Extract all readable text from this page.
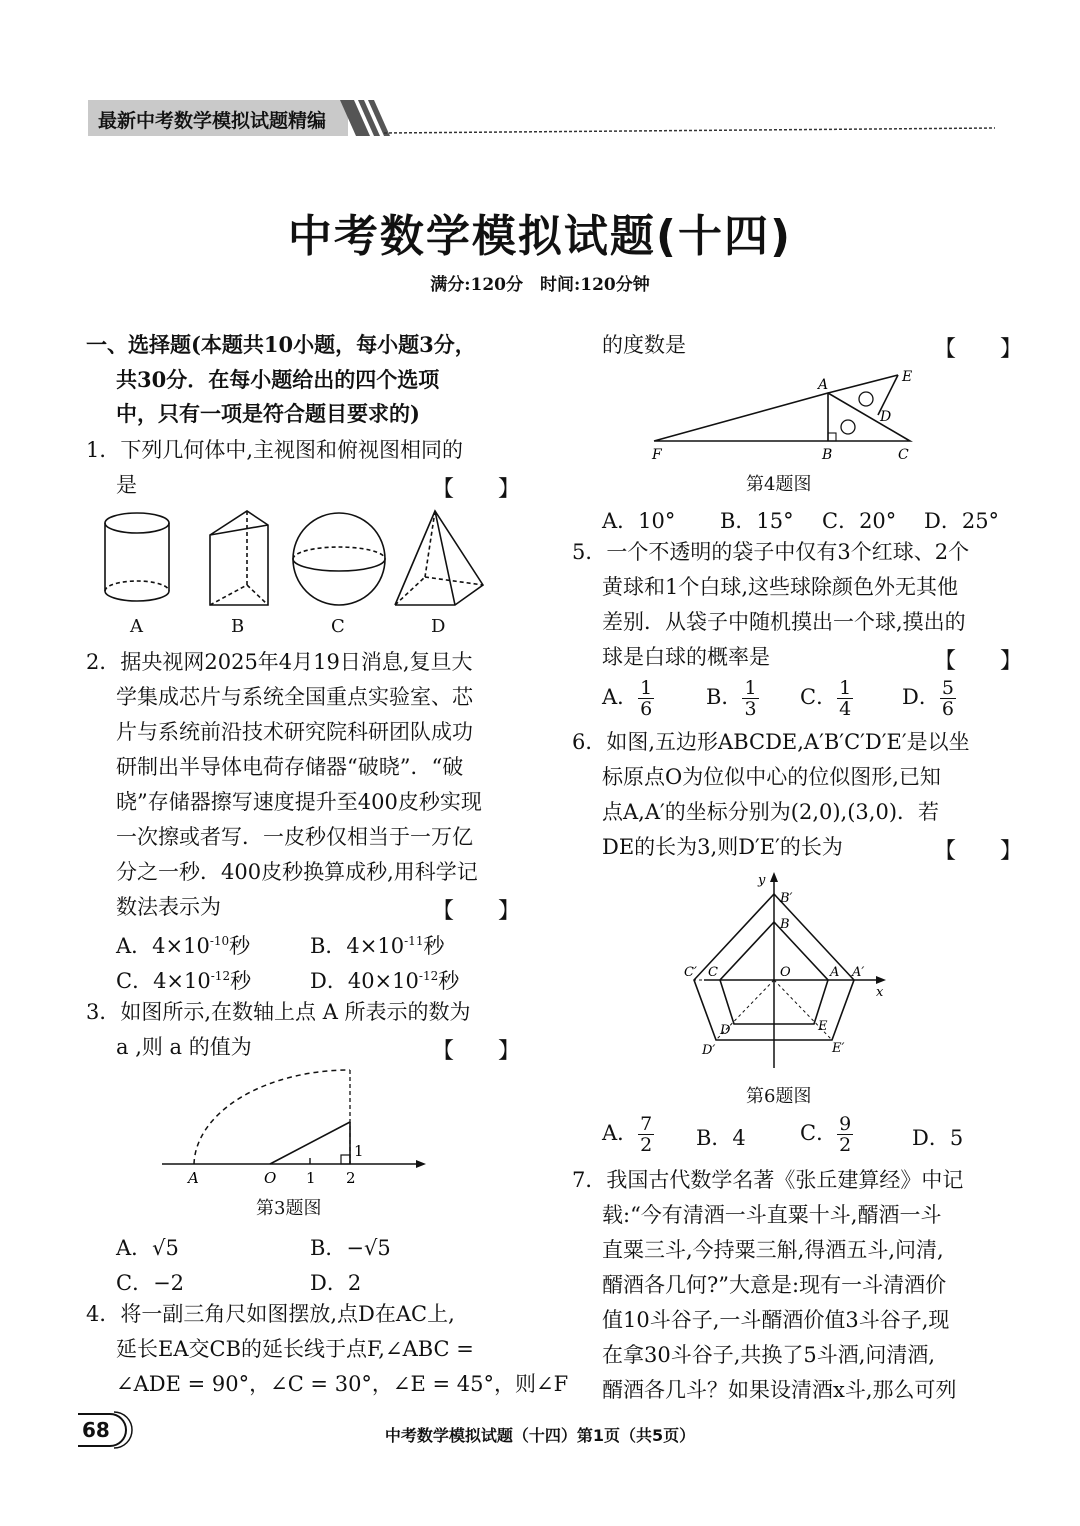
最新中考数学模拟试题精编
中考数学模拟试题(十四)
满分:120分　时间:120分钟
一、选择题(本题共10小题，每小题3分，
共30分．在每小题给出的四个选项
中，只有一项是符合题目要求的)
1．下列几何体中,主视图和俯视图相同的
是	【　　】
A	B	C	D
2．据央视网2025年4月19日消息,复旦大
学集成芯片与系统全国重点实验室、芯
片与系统前沿技术研究院科研团队成功
研制出半导体电荷存储器“破晓”．“破
晓”存储器擦写速度提升至400皮秒实现
一次擦或者写．一皮秒仅相当于一万亿
分之一秒．400皮秒换算成秒,用科学记
数法表示为	【　　】
A．$4\times 10^{-10}$秒	B．$4\times 10^{-11}$秒
C．$4\times 10^{-12}$秒	D．$40\times 10^{-12}$秒
3．如图所示,在数轴上点 A 所表示的数为
a ,则 a 的值为	【　　】
A	O 1 2
1
第3题图
A．√5	B．−√5
C．−2	D．2
4．将一副三角尺如图摆放,点D在AC上,
延长EA交CB的延长线于点F,∠ABC =
∠ADE = 90°，∠C = 30°，∠E = 45°，则∠F
的度数是	【　　】
A	E
D
B	C
F
第4题图
A．10° B．15° C．20° D．25°
5．一个不透明的袋子中仅有3个红球、2个
黄球和1个白球,这些球除颜色外无其他
差别．从袋子中随机摸出一个球,摸出的
球是白球的概率是	【　　】
A． $\frac{1}{6}$ B． $\frac{1}{3}$ C． $\frac{1}{4}$ D． $\frac{5}{6}$
6．如图,五边形ABCDE,A′B′C′D′E′是以坐
标原点O为位似中心的位似图形,已知
点A,A′的坐标分别为(2,0),(3,0)．若
DE的长为3,则D′E′的长为	【　　】
y
x
O
B′
B
A A′
C
C′
D
D′
E
E′
第6题图
A． $\frac{7}{2}$ B．4	C． $\frac{9}{2}$	D．5
7．我国古代数学名著《张丘建算经》中记
载:“今有清酒一斗直粟十斗,醑酒一斗
直粟三斗,今持粟三斛,得酒五斗,问清,
醑酒各几何?”大意是:现有一斗清酒价
值10斗谷子,一斗醑酒价值3斗谷子,现
在拿30斗谷子,共换了5斗酒,问清酒,
醑酒各几斗？如果设清酒x斗,那么可列
68	中考数学模拟试题（十四）第1页（共5页）
